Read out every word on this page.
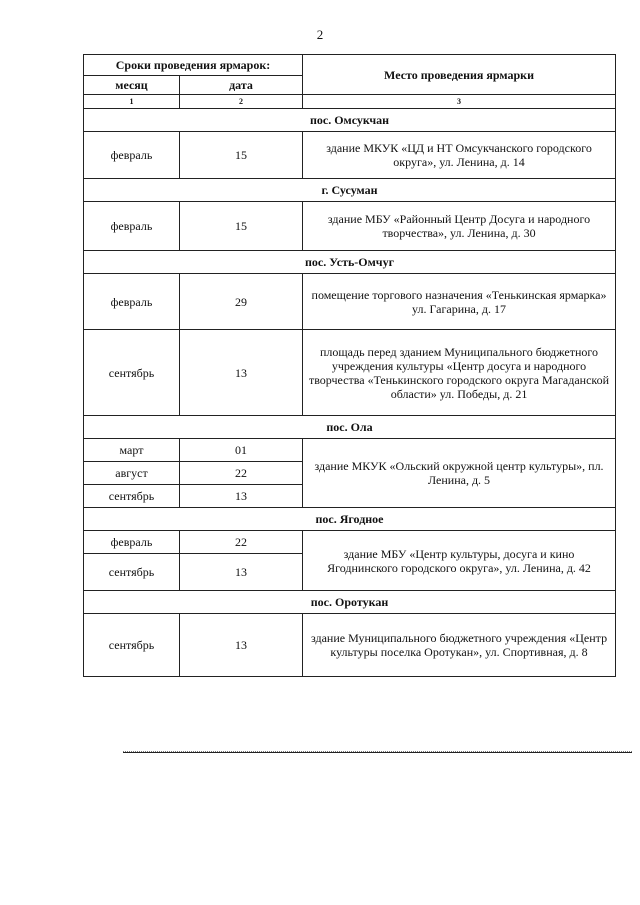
2
Сроки проведения ярмарок:		Место проведения ярмарки
месяц	дата	
1	2	3
пос. Омсукчан		
февраль	15	здание МКУК «ЦД и НТ Омсукчанского городского округа», ул. Ленина, д. 14
г. Сусуман		
февраль	15	здание МБУ «Районный Центр Досуга и народного творчества», ул. Ленина, д. 30
пос. Усть-Омчуг		
февраль	29	помещение торгового назначения «Тенькинская ярмарка» ул. Гагарина, д. 17
сентябрь	13	площадь перед зданием Муниципального бюджетного учреждения культуры «Центр досуга и народного творчества «Тенькинского городского округа Магаданской области» ул. Победы, д. 21
пос. Ола		
март	01	здание МКУК «Ольский окружной центр культуры», пл. Ленина, д. 5
август	22	
сентябрь	13	
пос. Ягодное		
февраль	22	здание МБУ «Центр культуры, досуга и кино Ягоднинского городского округа», ул. Ленина, д. 42
сентябрь	13	
пос. Оротукан		
сентябрь	13	здание Муниципального бюджетного учреждения «Центр культуры поселка Оротукан», ул. Спортивная, д. 8
